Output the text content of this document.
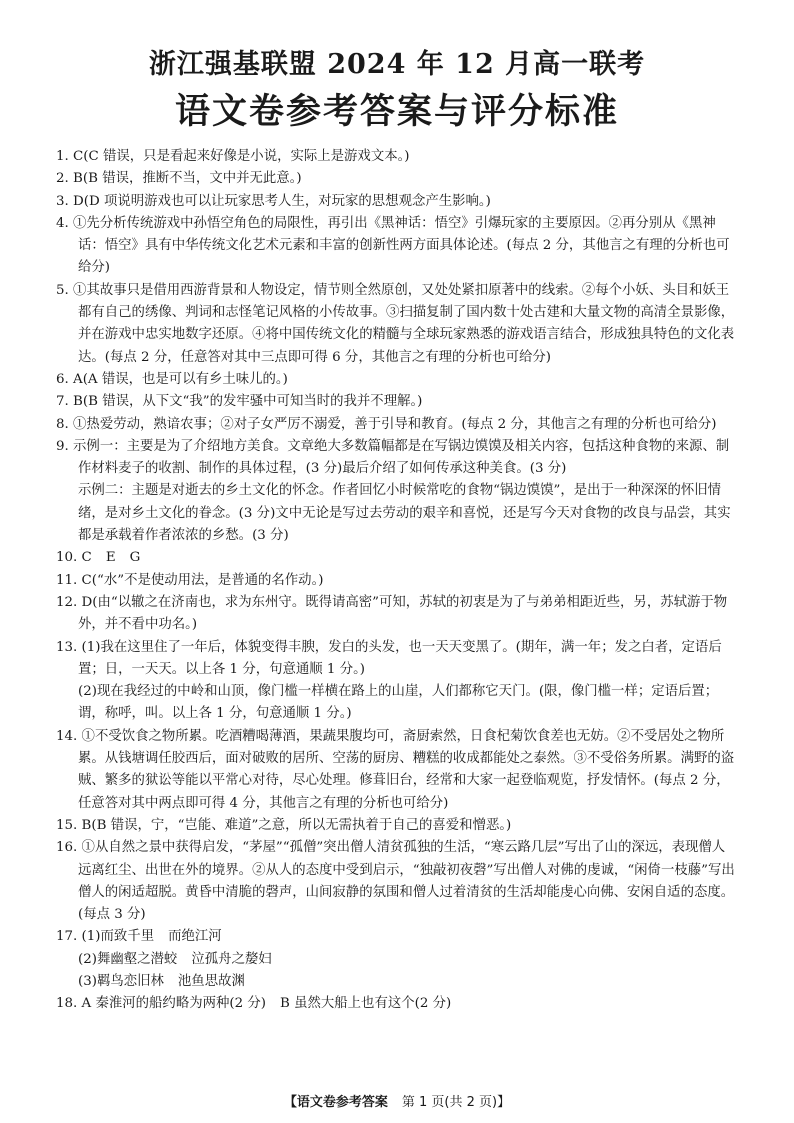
浙江强基联盟 2024 年 12 月高一联考
语文卷参考答案与评分标准
1. C(C 错误，只是看起来好像是小说，实际上是游戏文本。)
2. B(B 错误，推断不当，文中并无此意。)
3. D(D 项说明游戏也可以让玩家思考人生，对玩家的思想观念产生影响。)
4. ①先分析传统游戏中孙悟空角色的局限性，再引出《黑神话：悟空》引爆玩家的主要原因。②再分别从《黑神话：悟空》具有中华传统文化艺术元素和丰富的创新性两方面具体论述。(每点 2 分，其他言之有理的分析也可给分)
5. ①其故事只是借用西游背景和人物设定，情节则全然原创，又处处紧扣原著中的线索。②每个小妖、头目和妖王都有自己的绣像、判词和志怪笔记风格的小传故事。③扫描复制了国内数十处古建和大量文物的高清全景影像，并在游戏中忠实地数字还原。④将中国传统文化的精髓与全球玩家熟悉的游戏语言结合，形成独具特色的文化表达。(每点 2 分，任意答对其中三点即可得 6 分，其他言之有理的分析也可给分)
6. A(A 错误，也是可以有乡土味儿的。)
7. B(B 错误，从下文“我”的发牢骚中可知当时的我并不理解。)
8. ①热爱劳动，熟谙农事；②对子女严厉不溺爱，善于引导和教育。(每点 2 分，其他言之有理的分析也可给分)
9. 示例一：主要是为了介绍地方美食。文章绝大多数篇幅都是在写锅边馍馍及相关内容，包括这种食物的来源、制作材料麦子的收割、制作的具体过程，(3 分)最后介绍了如何传承这种美食。(3 分)
示例二：主题是对逝去的乡土文化的怀念。作者回忆小时候常吃的食物“锅边馍馍”，是出于一种深深的怀旧情绪，是对乡土文化的眷念。(3 分)文中无论是写过去劳动的艰辛和喜悦，还是写今天对食物的改良与品尝，其实都是承载着作者浓浓的乡愁。(3 分)
10. C E G
11. C(“水”不是使动用法，是普通的名作动。)
12. D(由“以辙之在济南也，求为东州守。既得请高密”可知，苏轼的初衷是为了与弟弟相距近些，另，苏轼游于物外，并不看中功名。)
13. (1)我在这里住了一年后，体貌变得丰腴，发白的头发，也一天天变黑了。(期年，满一年；发之白者，定语后置；日，一天天。以上各 1 分，句意通顺 1 分。)
(2)现在我经过的中岭和山顶，像门槛一样横在路上的山崖，人们都称它天门。(限，像门槛一样；定语后置；谓，称呼，叫。以上各 1 分，句意通顺 1 分。)
14. ①不受饮食之物所累。吃酒糟喝薄酒，果蔬果腹均可，斋厨索然，日食杞菊饮食差也无妨。②不受居处之物所累。从钱塘调任胶西后，面对破败的居所、空荡的厨房、糟糕的收成都能处之泰然。③不受俗务所累。满野的盗贼、繁多的狱讼等能以平常心对待，尽心处理。修葺旧台，经常和大家一起登临观览，抒发情怀。(每点 2 分，任意答对其中两点即可得 4 分，其他言之有理的分析也可给分)
15. B(B 错误，宁，“岂能、难道”之意，所以无需执着于自己的喜爱和憎恶。)
16. ①从自然之景中获得启发，“茅屋”“孤僧”突出僧人清贫孤独的生活，“寒云路几层”写出了山的深远，表现僧人远离红尘、出世在外的境界。②从人的态度中受到启示，“独敲初夜磬”写出僧人对佛的虔诚，“闲倚一枝藤”写出僧人的闲适超脱。黄昏中清脆的磬声，山间寂静的氛围和僧人过着清贫的生活却能虔心向佛、安闲自适的态度。(每点 3 分)
17. (1)而致千里 而绝江河
(2)舞幽壑之潜蛟 泣孤舟之嫠妇
(3)羁鸟恋旧林 池鱼思故渊
18. A 秦淮河的船约略为两种(2 分) B 虽然大船上也有这个(2 分)
【语文卷参考答案 第 1 页(共 2 页)】
